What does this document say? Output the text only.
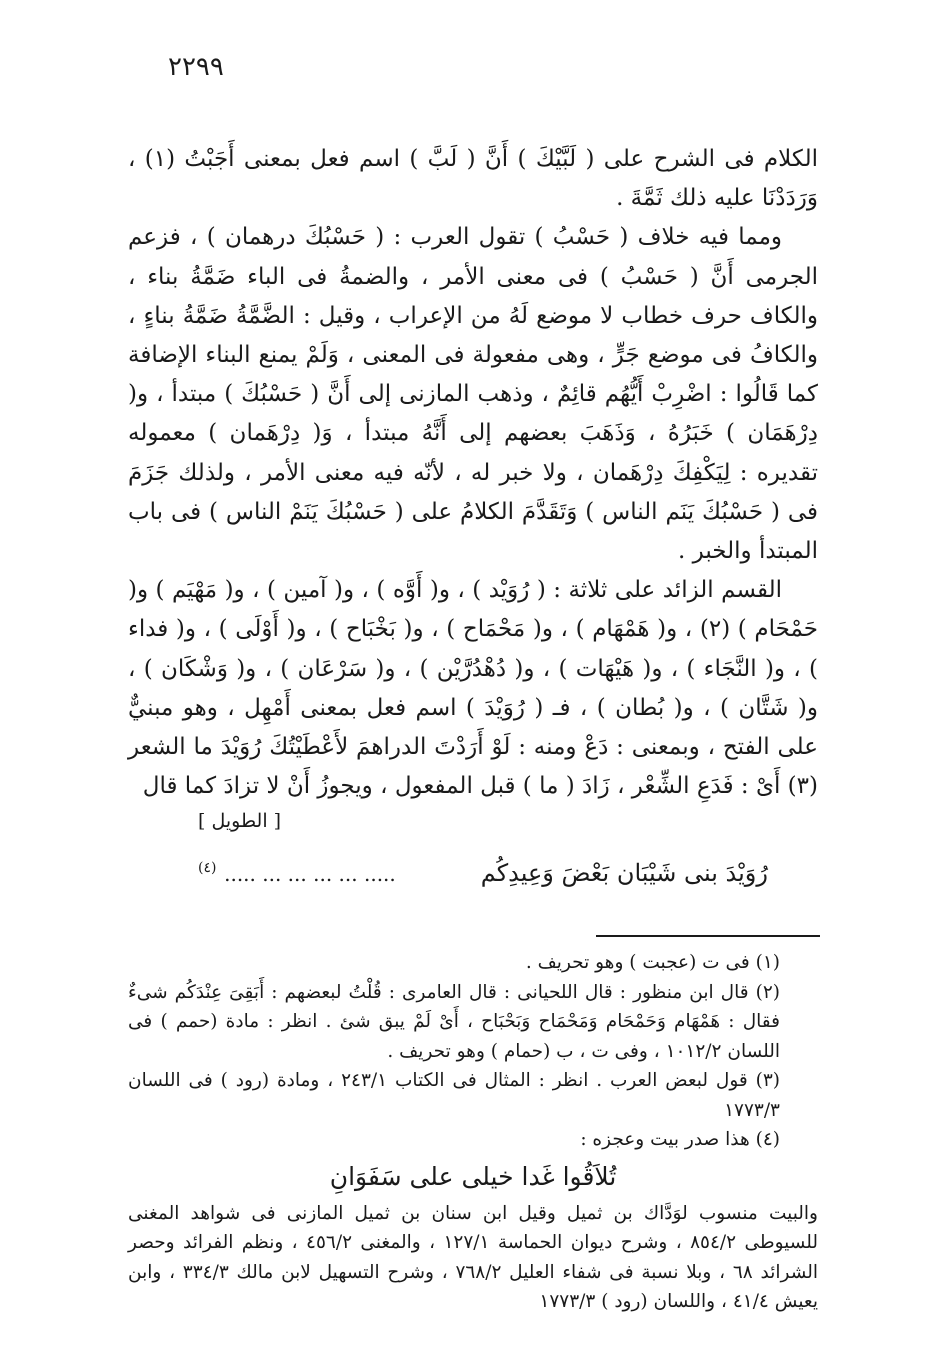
٢٢٩٩

الكلام فى الشرح على ( لَبَّيْكَ ) أَنَّ ( لَبَّ ) اسم فعل بمعنى أَجَبْتُ (١) ، وَرَدَدْنَا عليه ذلك ثَمَّةَ .

ومما فيه خلاف ( حَسْبُ ) تقول العرب : ( حَسْبُكَ درهمان ) ، فزعم الجرمى أَنَّ ( حَسْبُ ) فى معنى الأمر ، والضمةُ فى الباء ضَمَّةُ بناء ، والكاف حرف خطاب لا موضع لَهُ من الإعراب ، وقيل : الضَّمَّةُ ضَمَّةُ بناءٍ ، والكافُ فى موضع جَرٍّ ، وهى مفعولة فى المعنى ، وَلَمْ يمنع البناء الإضافة كما قَالُوا : اضْرِبْ أَيُّهُم قائِمٌ ، وذهب المازنى إلى أَنَّ ( حَسْبُكَ ) مبتدأ ، و( دِرْهَمَان ) خَبَرُهُ ، وَذَهَبَ بعضهم إلى أَنَّهُ مبتدأ ، وَ( دِرْهَمان ) معموله تقديره : لِيَكْفِكَ دِرْهَمان ، ولا خبر له ، لأنّه فيه معنى الأمر ، ولذلك جَزَمَ فى ( حَسْبُكَ يَنَم الناس ) وَتَقَدَّمَ الكلامُ على ( حَسْبُكَ يَنَمْ الناس ) فى باب المبتدأ والخبر .

القسم الزائد على ثلاثة : ( رُوَيْد ) ، و( أَوَّه ) ، و( آمين ) ، و( مَهْيَم ) و( حَمْحَام ) (٢) ، و( هَمْهَام ) ، و( مَحْمَاح ) ، و( بَخْبَاح ) ، و( أَوْلَى ) ، و( فداء ) ، و( النَّجَاء ) ، و( هَيْهَات ) ، و( دُهْدُرَّيْن ) ، و( سَرْعَان ) ، و( وَشْكَان ) ، و( شَتَّان ) ، و( بُطان ) ، فـ ( رُوَيْدَ ) اسم فعل بمعنى أَمْهِل ، وهو مبنيٌّ على الفتح ، وبمعنى : دَعْ ومنه : لَوْ أَرَدْتَ الدراهمَ لأَعْطَيْتُكَ رُوَيْدَ ما الشعر (٣) أَىْ : فَدَعِ الشِّعْر ، زَادَ ( ما ) قبل المفعول ، ويجوزُ أَنْ لا تزادَ كما قال

[ الطويل ]
رُوَيْدَ بنى شَيْبَان بَعْضَ وَعِيدِكُم
..... ... ... ... ... ..... $^{(٤)}$

(١) فى ت (عجبت ) وهو تحريف .

(٢) قال ابن منظور : قال اللحيانى : قال العامرى : قُلْتُ لبعضهم : أَبَقِىَ عِنْدَكُم شىءٌ فقال : هَمْهَام وَحَمْحَام وَمَحْمَاح وَبَحْبَاح ، أَىْ لَمْ يبق شئ . انظر : مادة (حمم ) فى اللسان ١٠١٢/٢ ، وفى ت ، ب (حمام ) وهو تحريف .

(٣) قول لبعض العرب . انظر : المثال فى الكتاب ٢٤٣/١ ، ومادة (رود ) فى اللسان ١٧٧٣/٣

(٤) هذا صدر بيت وعجزه :

تُلاَقُوا غَدا خيلى على سَفَوَانِ

والبيت منسوب لوَدَّاك بن ثميل وقيل ابن سنان بن ثميل المازنى فى شواهد المغنى للسيوطى ٨٥٤/٢ ، وشرح ديوان الحماسة ١٢٧/١ ، والمغنى ٤٥٦/٢ ، ونظم الفرائد وحصر الشرائد ٦٨ ، وبلا نسبة فى شفاء العليل ٧٦٨/٢ ، وشرح التسهيل لابن مالك ٣٣٤/٣ ، وابن يعيش ٤١/٤ ، واللسان (رود ) ١٧٧٣/٣
